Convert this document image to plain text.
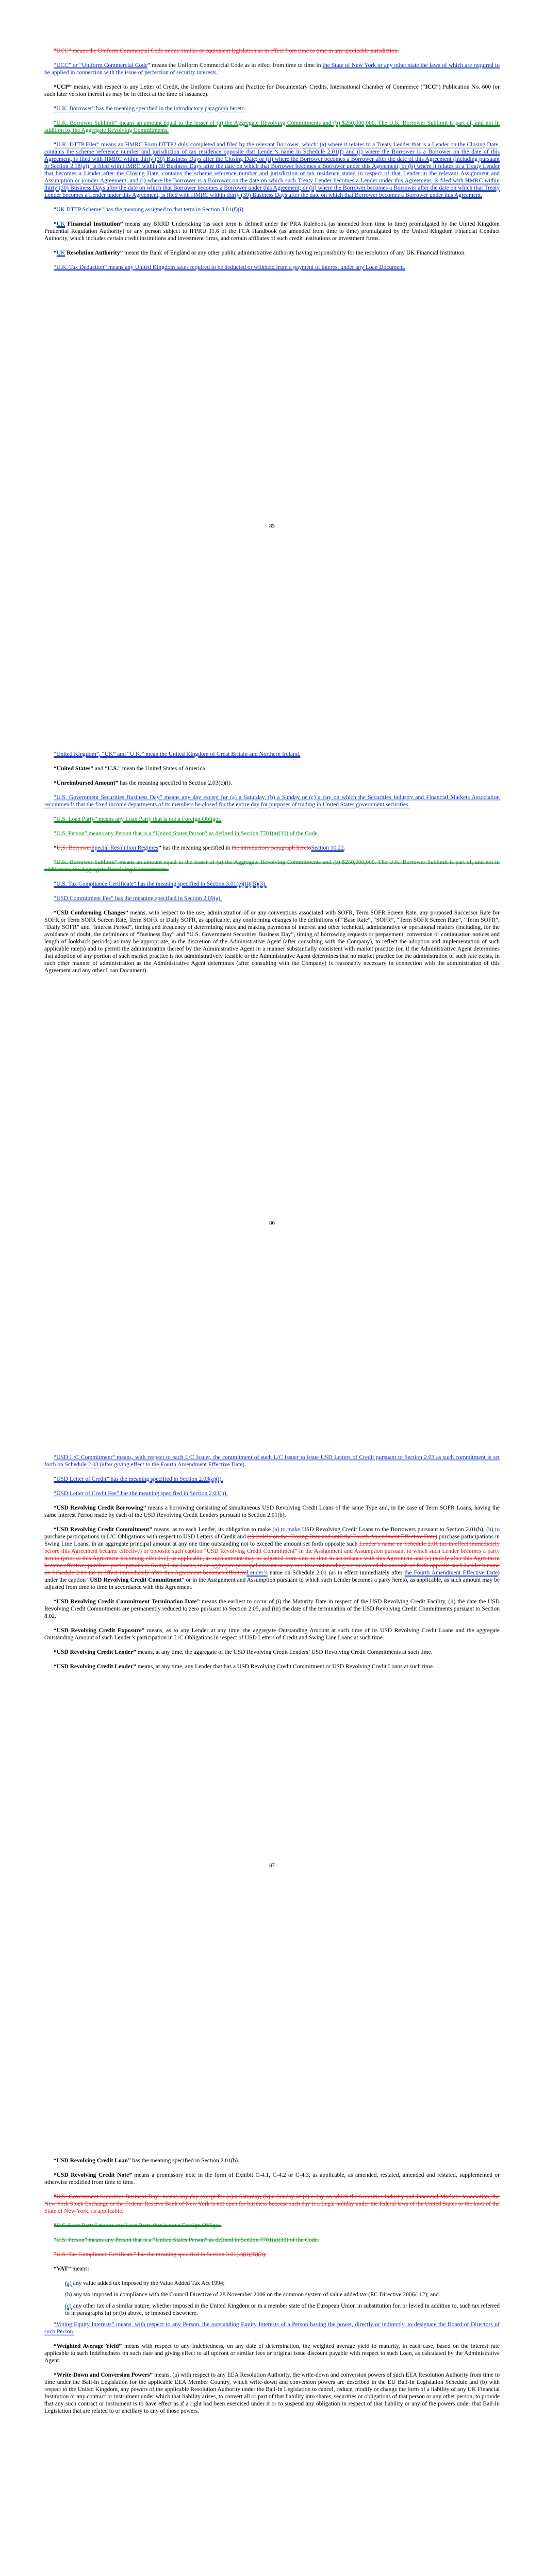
“UCC” means the Uniform Commercial Code or any similar or equivalent legislation as in effect from time to time in any applicable jurisdiction.

“UCC” or “Uniform Commercial Code” means the Uniform Commercial Code as in effect from time to time in the State of New York or any other state the laws of which are required to be applied in connection with the issue of perfection of security interests.

“UCP” means, with respect to any Letter of Credit, the Uniform Customs and Practice for Documentary Credits, International Chamber of Commerce (“ICC”) Publication No. 600 (or such later version thereof as may be in effect at the time of issuance).

“U.K. Borrower” has the meaning specified in the introductory paragraph hereto.

“U.K. Borrower Sublimit” means an amount equal to the lesser of (a) the Aggregate Revolving Commitments and (b) $250,000,000. The U.K. Borrower Sublimit is part of, and not in addition to, the Aggregate Revolving Commitments.

“U.K. DTTP Filer” means an HMRC Form DTTP2 duly completed and filed by the relevant Borrower, which: (a) where it relates to a Treaty Lender that is a Lender on the Closing Date, contains the scheme reference number and jurisdiction of tax residence opposite that Lender’s name in Schedule 2.01(f) and (i) where the Borrower is a Borrower on the date of this Agreement, is filed with HMRC within thirty (30) Business Days after the Closing Date; or (ii) where the Borrower becomes a Borrower after the date of this Agreement (including pursuant to Section 2.18(a)), is filed with HMRC within 30 Business Days after the date on which that Borrower becomes a Borrower under this Agreement; or (b) where it relates to a Treaty Lender that becomes a Lender after the Closing Date, contains the scheme reference number and jurisdiction of tax residence stated in respect of that Lender in the relevant Assignment and Assumption or joinder Agreement; and (i) where the Borrower is a Borrower on the date on which such Treaty Lender becomes a Lender under this Agreement, is filed with HMRC within thirty (30) Business Days after the date on which that Borrower becomes a Borrower under this Agreement; or (ii) where the Borrower becomes a Borrower after the date on which that Treaty Lender becomes a Lender under this Agreement, is filed with HMRC within thirty (30) Business Days after the date on which that Borrower becomes a Borrower under this Agreement.

“UK DTTP Scheme” has the meaning assigned to that term in Section 3.01(f)(i).

“UK Financial Institution” means any BRRD Undertaking (as such term is defined under the PRA Rulebook (as amended from time to time) promulgated by the United Kingdom Prudential Regulation Authority) or any person subject to IFPRU 11.6 of the FCA Handbook (as amended from time to time) promulgated by the United Kingdom Financial Conduct Authority, which includes certain credit institutions and investment firms, and certain affiliates of such credit institutions or investment firms.

“UK Resolution Authority” means the Bank of England or any other public administrative authority having responsibility for the resolution of any UK Financial Institution.

“U.K. Tax Deduction” means any United Kingdom taxes required to be deducted or withheld from a payment of interest under any Loan Document.

85

“United Kingdom”, “UK” and “U.K.” mean the United Kingdom of Great Britain and Northern Ireland.

“United States” and “U.S.” mean the United States of America.

“Unreimbursed Amount” has the meaning specified in Section 2.03(c)(i).

“U.S. Government Securities Business Day” means any day except for (a) a Saturday, (b) a Sunday or (c) a day on which the Securities Industry and Financial Markets Association recommends that the fixed income departments of its members be closed for the entire day for purposes of trading in United States government securities.

“U.S. Loan Party” means any Loan Party that is not a Foreign Obligor.

“U.S. Person” means any Person that is a “United States Person” as defined in Section 7701(a)(30) of the Code.

“U.S. BorrowerSpecial Resolution Regimes” has the meaning specified in the introductory paragraph heretoSection 10.22.

“U.K. Borrower Sublimit” means an amount equal to the lesser of (a) the Aggregate Revolving Commitments and (b) $250,000,000. The U.K. Borrower Sublimit is part of, and not in addition to, the Aggregate Revolving Commitments.

“U.S. Tax Compliance Certificate” has the meaning specified in Section 3.01(e)(ii)(B)(3).

“USD Commitment Fee” has the meaning specified in Section 2.09(a).

“USD Conforming Changes” means, with respect to the use, administration of or any conventions associated with SOFR, Term SOFR Screen Rate, any proposed Successor Rate for SOFR or Term SOFR Screen Rate, Term SOFR or Daily SOFR, as applicable, any conforming changes to the definitions of “Base Rate”, “SOFR”, “Term SOFR Screen Rate”, “Term SOFR”, “Daily SOFR” and “Interest Period”, timing and frequency of determining rates and making payments of interest and other technical, administrative or operational matters (including, for the avoidance of doubt, the definitions of “Business Day” and “U.S. Government Securities Business Day”, timing of borrowing requests or prepayment, conversion or continuation notices and length of lookback periods) as may be appropriate, in the discretion of the Administrative Agent (after consulting with the Company), to reflect the adoption and implementation of such applicable rate(s) and to permit the administration thereof by the Administrative Agent in a manner substantially consistent with market practice (or, if the Administrative Agent determines that adoption of any portion of such market practice is not administratively feasible or the Administrative Agent determines that no market practice for the administration of such rate exists, in such other manner of administration as the Administrative Agent determines (after consulting with the Company) is reasonably necessary in connection with the administration of this Agreement and any other Loan Document).

86

“USD L/C Commitment” means, with respect to each L/C Issuer, the commitment of such L/C Issuer to issue USD Letters of Credit pursuant to Section 2.03 as such commitment is set forth on Schedule 2.03 (after giving effect to the Fourth Amendment Effective Date).

“USD Letter of Credit” has the meaning specified in Section 2.03(a)(i).

“USD Letter of Credit Fee” has the meaning specified in Section 2.03(h).

“USD Revolving Credit Borrowing” means a borrowing consisting of simultaneous USD Revolving Credit Loans of the same Type and, in the case of Term SOFR Loans, having the same Interest Period made by each of the USD Revolving Credit Lenders pursuant to Section 2.01(b).

“USD Revolving Credit Commitment” means, as to each Lender, its obligation to make (a) to make USD Revolving Credit Loans to the Borrowers pursuant to Section 2.01(b), (b) to purchase participations in L/C Obligations with respect to USD Letters of Credit and (c) (solely on the Closing Date and until the Fourth Amendment Effective Date) purchase participations in Swing Line Loans, in an aggregate principal amount at any one time outstanding not to exceed the amount set forth opposite such Lender’s name on Schedule 2.01 (as in effect immediately before this Agreement became effective) or opposite such caption “USD Revolving Credit Commitment” in the Assignment and Assumption pursuant to which such Lender becomes a party hereto (prior to this Agreement becoming effective), as applicable, as such amount may be adjusted from time to time in accordance with this Agreement and (c) (solely after this Agreement became effective, purchase participations in Swing Line Loans, in an aggregate principal amount at any one time outstanding not to exceed the amount set forth opposite such Lender’s name on Schedule 2.01 (as in effect immediately after this Agreement becomes effectiveLender’s name on Schedule 2.01 (as in effect immediately after the Fourth Amendment Effective Date) under the caption “USD Revolving Credit Commitment” or in the Assignment and Assumption pursuant to which such Lender becomes a party hereto, as applicable, as such amount may be adjusted from time to time in accordance with this Agreement.

“USD Revolving Credit Commitment Termination Date” means the earliest to occur of (i) the Maturity Date in respect of the USD Revolving Credit Facility, (ii) the date the USD Revolving Credit Commitments are permanently reduced to zero pursuant to Section 2.05, and (iii) the date of the termination of the USD Revolving Credit Commitments pursuant to Section 8.02.

“USD Revolving Credit Exposure” means, as to any Lender at any time, the aggregate Outstanding Amount at such time of its USD Revolving Credit Loans and the aggregate Outstanding Amount of such Lender’s participation in L/C Obligations in respect of USD Letters of Credit and Swing Line Loans at such time.

“USD Revolving Credit Lender” means, at any time, the aggregate of the USD Revolving Credit Lenders’ USD Revolving Credit Commitments at such time.

“USD Revolving Credit Lender” means, at any time, any Lender that has a USD Revolving Credit Commitment or USD Revolving Credit Loans at such time.

87

“USD Revolving Credit Loan” has the meaning specified in Section 2.01(b).

“USD Revolving Credit Note” means a promissory note in the form of Exhibit C-4.1, C-4.2 or C-4.3, as applicable, as amended, restated, amended and restated, supplemented or otherwise modified from time to time.

“U.S. Government Securities Business Day” means any day except for (a) a Saturday, (b) a Sunday or (c) a day on which the Securities Industry and Financial Markets Association, the New York Stock Exchange or the Federal Reserve Bank of New York is not open for business because such day is a Legal holiday under the federal laws of the United States or the laws of the State of New York, as applicable.

“U.S. Loan Party” means any Loan Party that is not a Foreign Obligor.

“U.S. Person” means any Person that is a “United States Person” as defined in Section 7701(a)(30) of the Code.

“U.S. Tax Compliance Certificate” has the meaning specified in Section 3.01(e)(ii)(B)(3).

“VAT” means:

(a) any value added tax imposed by the Value Added Tax Act 1994;

(b) any tax imposed in compliance with the Council Directive of 28 November 2006 on the common system of value added tax (EC Directive 2006/112); and

(c) any other tax of a similar nature, whether imposed in the United Kingdom or in a member state of the European Union in substitution for, or levied in addition to, such tax referred to in paragraphs (a) or (b) above, or imposed elsewhere.

“Voting Equity Interests” means, with respect to any Person, the outstanding Equity Interests of a Person having the power, directly or indirectly, to designate the Board of Directors of such Person.

“Weighted Average Yield” means with respect to any Indebtedness, on any date of determination, the weighted average yield to maturity, in each case, based on the interest rate applicable to such Indebtedness on such date and giving effect to all upfront or similar fees or original issue discount payable with respect to such Loan, as calculated by the Administrative Agent.

“Write-Down and Conversion Powers” means, (a) with respect to any EEA Resolution Authority, the write-down and conversion powers of such EEA Resolution Authority from time to time under the Bail-In Legislation for the applicable EEA Member Country, which write-down and conversion powers are described in the EU Bail-In Legislation Schedule and (b) with respect to the United Kingdom, any powers of the applicable Resolution Authority under the Bail-In Legislation to cancel, reduce, modify or change the form of a liability of any UK Financial Institution or any contract or instrument under which that liability arises, to convert all or part of that liability into shares, securities or obligations of that person or any other person, to provide that any such contract or instrument is to have effect as if a right had been exercised under it or to suspend any obligation in respect of that liability or any of the powers under that Bail-In Legislation that are related to or ancillary to any of those powers.
